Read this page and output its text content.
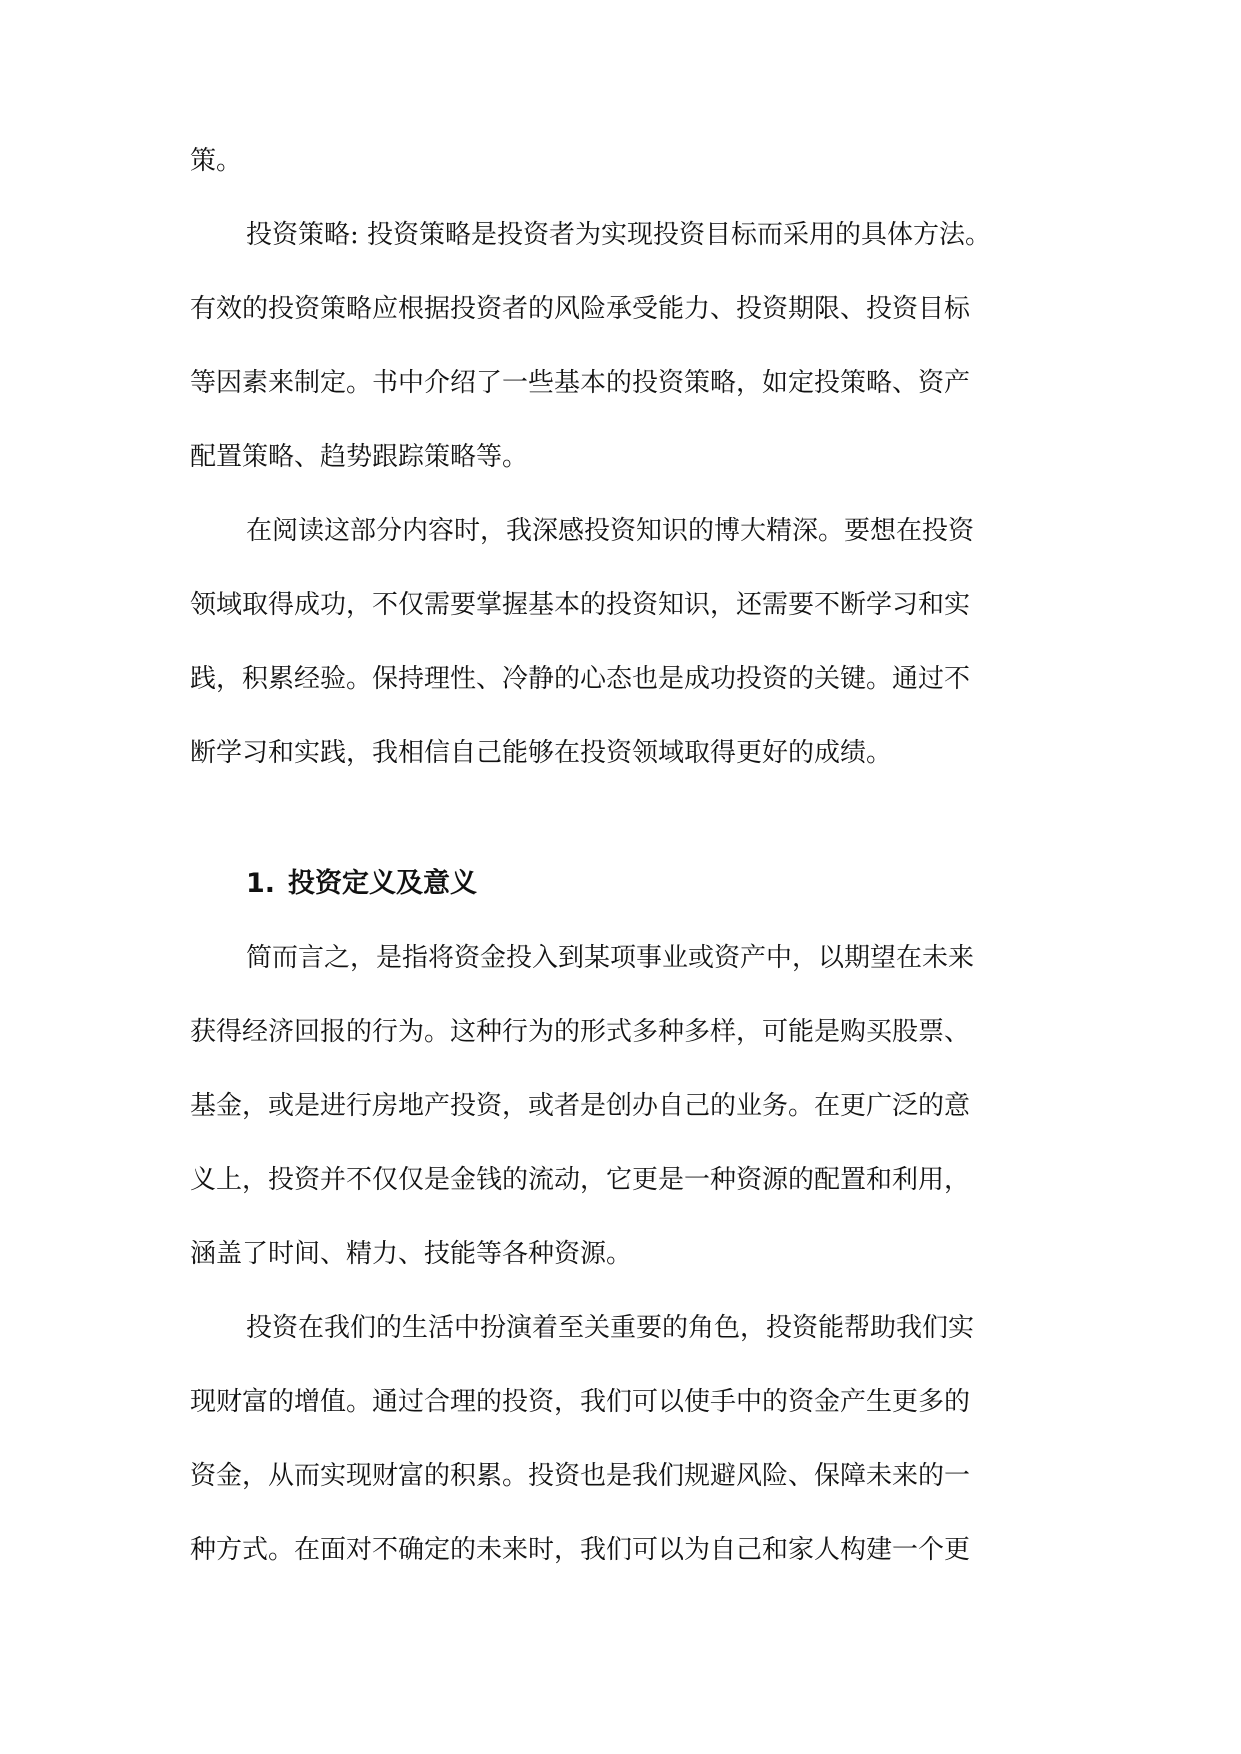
策。

投资策略: 投资策略是投资者为实现投资目标而采用的具体方法。
有效的投资策略应根据投资者的风险承受能力、投资期限、投资目标
等因素来制定。书中介绍了一些基本的投资策略，如定投策略、资产
配置策略、趋势跟踪策略等。

在阅读这部分内容时，我深感投资知识的博大精深。要想在投资
领域取得成功，不仅需要掌握基本的投资知识，还需要不断学习和实
践，积累经验。保持理性、冷静的心态也是成功投资的关键。通过不
断学习和实践，我相信自己能够在投资领域取得更好的成绩。

1. 投资定义及意义

简而言之，是指将资金投入到某项事业或资产中，以期望在未来
获得经济回报的行为。这种行为的形式多种多样，可能是购买股票、
基金，或是进行房地产投资，或者是创办自己的业务。在更广泛的意
义上，投资并不仅仅是金钱的流动，它更是一种资源的配置和利用，
涵盖了时间、精力、技能等各种资源。

投资在我们的生活中扮演着至关重要的角色，投资能帮助我们实
现财富的增值。通过合理的投资，我们可以使手中的资金产生更多的
资金，从而实现财富的积累。投资也是我们规避风险、保障未来的一
种方式。在面对不确定的未来时，我们可以为自己和家人构建一个更
